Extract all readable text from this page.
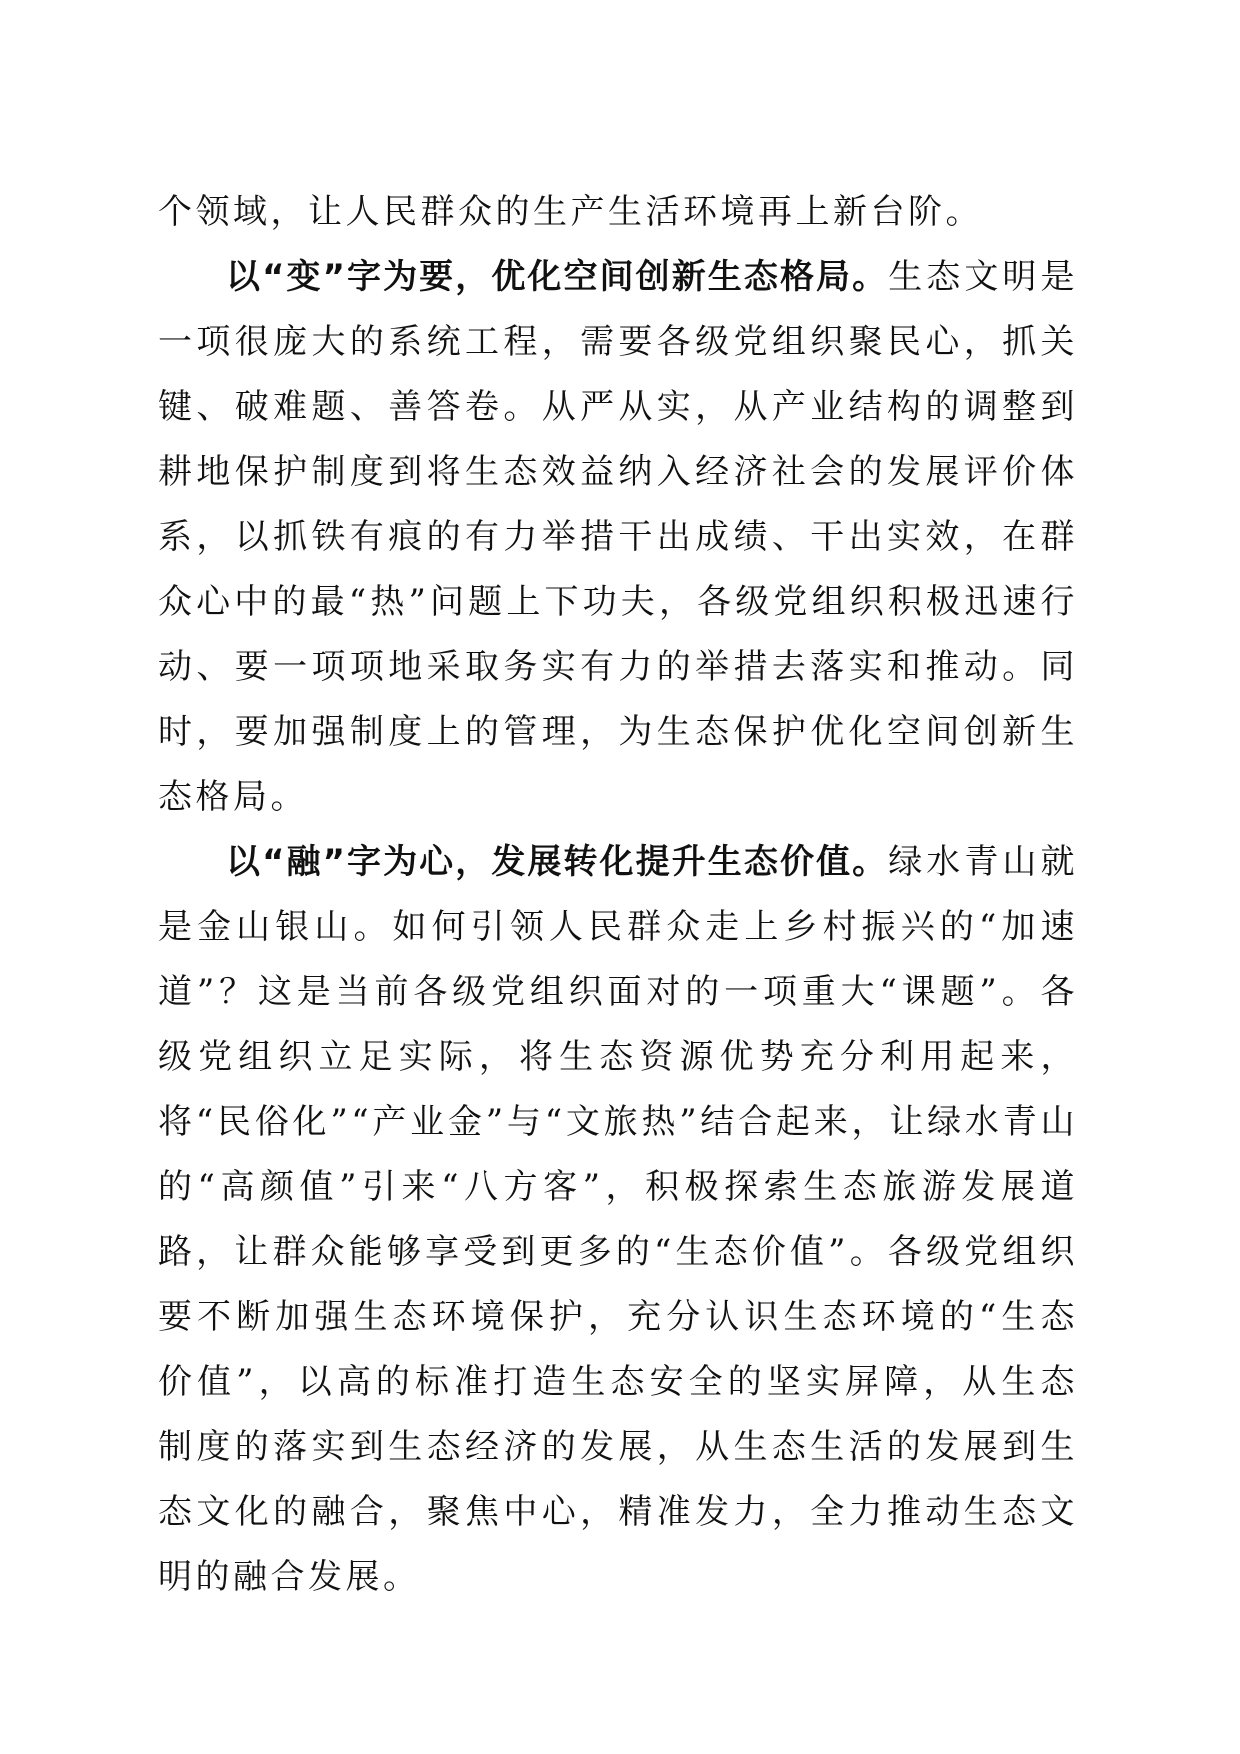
个领域，让人民群众的生产生活环境再上新台阶。

以“变”字为要，优化空间创新生态格局。生态文明是一项很庞大的系统工程，需要各级党组织聚民心，抓关键、破难题、善答卷。从严从实，从产业结构的调整到耕地保护制度到将生态效益纳入经济社会的发展评价体系，以抓铁有痕的有力举措干出成绩、干出实效，在群众心中的最“热”问题上下功夫，各级党组织积极迅速行动、要一项项地采取务实有力的举措去落实和推动。同时，要加强制度上的管理，为生态保护优化空间创新生态格局。

以“融”字为心，发展转化提升生态价值。绿水青山就是金山银山。如何引领人民群众走上乡村振兴的“加速道”？这是当前各级党组织面对的一项重大“课题”。各级党组织立足实际，将生态资源优势充分利用起来，将“民俗化”“产业金”与“文旅热”结合起来，让绿水青山的“高颜值”引来“八方客”，积极探索生态旅游发展道路，让群众能够享受到更多的“生态价值”。各级党组织要不断加强生态环境保护，充分认识生态环境的“生态价值”，以高的标准打造生态安全的坚实屏障，从生态制度的落实到生态经济的发展，从生态生活的发展到生态文化的融合，聚焦中心，精准发力，全力推动生态文明的融合发展。
